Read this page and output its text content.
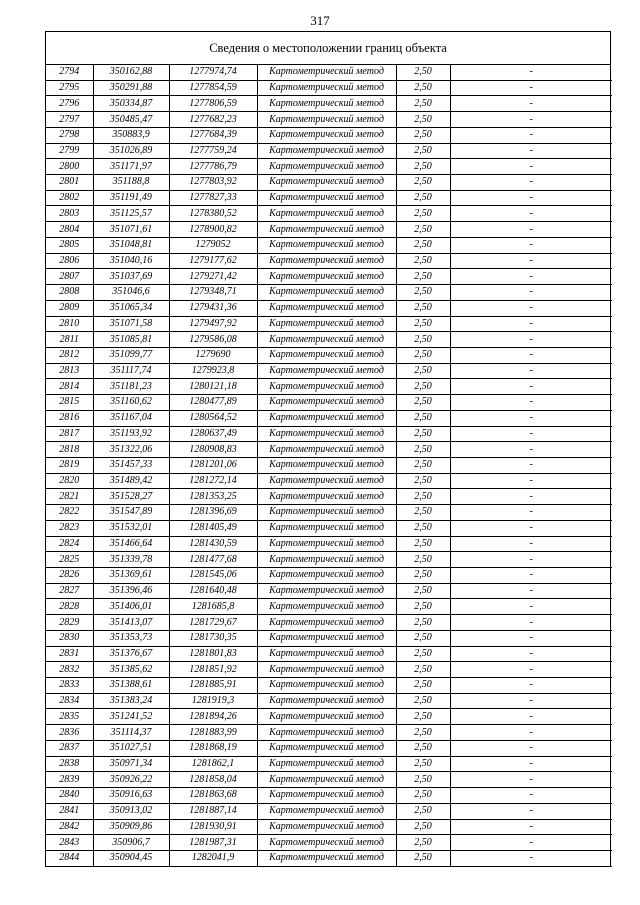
317
Сведения о местоположении границ объекта
2794	350162,88	1277974,74	Картометрический метод	2,50	-
2795	350291,88	1277854,59	Картометрический метод	2,50	-
2796	350334,87	1277806,59	Картометрический метод	2,50	-
2797	350485,47	1277682,23	Картометрический метод	2,50	-
2798	350883,9	1277684,39	Картометрический метод	2,50	-
2799	351026,89	1277759,24	Картометрический метод	2,50	-
2800	351171,97	1277786,79	Картометрический метод	2,50	-
2801	351188,8	1277803,92	Картометрический метод	2,50	-
2802	351191,49	1277827,33	Картометрический метод	2,50	-
2803	351125,57	1278380,52	Картометрический метод	2,50	-
2804	351071,61	1278900,82	Картометрический метод	2,50	-
2805	351048,81	1279052	Картометрический метод	2,50	-
2806	351040,16	1279177,62	Картометрический метод	2,50	-
2807	351037,69	1279271,42	Картометрический метод	2,50	-
2808	351046,6	1279348,71	Картометрический метод	2,50	-
2809	351065,34	1279431,36	Картометрический метод	2,50	-
2810	351071,58	1279497,92	Картометрический метод	2,50	-
2811	351085,81	1279586,08	Картометрический метод	2,50	-
2812	351099,77	1279690	Картометрический метод	2,50	-
2813	351117,74	1279923,8	Картометрический метод	2,50	-
2814	351181,23	1280121,18	Картометрический метод	2,50	-
2815	351160,62	1280477,89	Картометрический метод	2,50	-
2816	351167,04	1280564,52	Картометрический метод	2,50	-
2817	351193,92	1280637,49	Картометрический метод	2,50	-
2818	351322,06	1280908,83	Картометрический метод	2,50	-
2819	351457,33	1281201,06	Картометрический метод	2,50	-
2820	351489,42	1281272,14	Картометрический метод	2,50	-
2821	351528,27	1281353,25	Картометрический метод	2,50	-
2822	351547,89	1281396,69	Картометрический метод	2,50	-
2823	351532,01	1281405,49	Картометрический метод	2,50	-
2824	351466,64	1281430,59	Картометрический метод	2,50	-
2825	351339,78	1281477,68	Картометрический метод	2,50	-
2826	351369,61	1281545,06	Картометрический метод	2,50	-
2827	351396,46	1281640,48	Картометрический метод	2,50	-
2828	351406,01	1281685,8	Картометрический метод	2,50	-
2829	351413,07	1281729,67	Картометрический метод	2,50	-
2830	351353,73	1281730,35	Картометрический метод	2,50	-
2831	351376,67	1281801,83	Картометрический метод	2,50	-
2832	351385,62	1281851,92	Картометрический метод	2,50	-
2833	351388,61	1281885,91	Картометрический метод	2,50	-
2834	351383,24	1281919,3	Картометрический метод	2,50	-
2835	351241,52	1281894,26	Картометрический метод	2,50	-
2836	351114,37	1281883,99	Картометрический метод	2,50	-
2837	351027,51	1281868,19	Картометрический метод	2,50	-
2838	350971,34	1281862,1	Картометрический метод	2,50	-
2839	350926,22	1281858,04	Картометрический метод	2,50	-
2840	350916,63	1281863,68	Картометрический метод	2,50	-
2841	350913,02	1281887,14	Картометрический метод	2,50	-
2842	350909,86	1281930,91	Картометрический метод	2,50	-
2843	350906,7	1281987,31	Картометрический метод	2,50	-
2844	350904,45	1282041,9	Картометрический метод	2,50	-
